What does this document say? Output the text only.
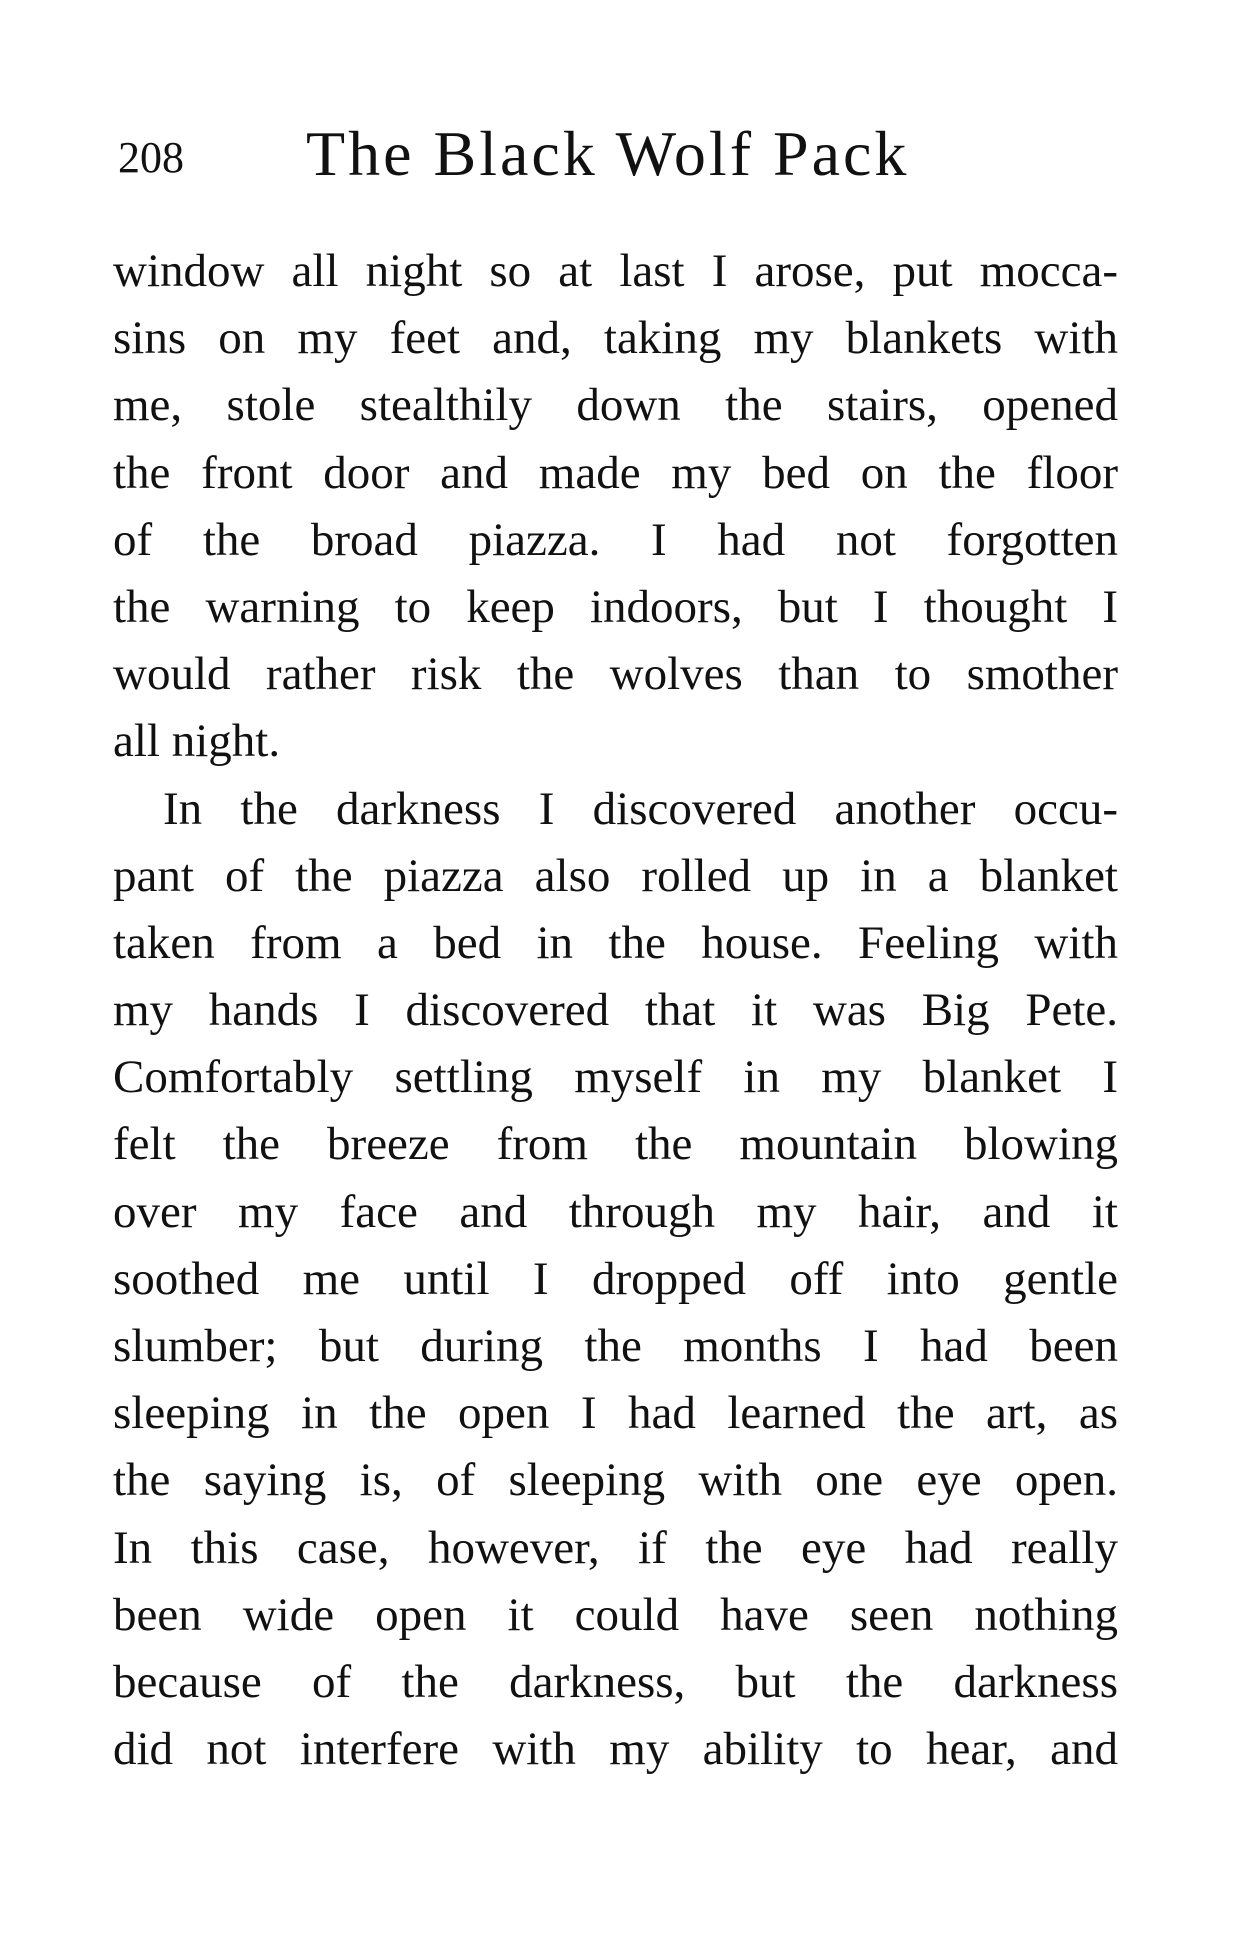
208 The Black Wolf Pack
window all night so at last I arose, put mocca-
sins on my feet and, taking my blankets with
me, stole stealthily down the stairs, opened
the front door and made my bed on the floor
of the broad piazza. I had not forgotten
the warning to keep indoors, but I thought I
would rather risk the wolves than to smother
all night.
In the darkness I discovered another occu-
pant of the piazza also rolled up in a blanket
taken from a bed in the house. Feeling with
my hands I discovered that it was Big Pete.
Comfortably settling myself in my blanket I
felt the breeze from the mountain blowing
over my face and through my hair, and it
soothed me until I dropped off into gentle
slumber; but during the months I had been
sleeping in the open I had learned the art, as
the saying is, of sleeping with one eye open.
In this case, however, if the eye had really
been wide open it could have seen nothing
because of the darkness, but the darkness
did not interfere with my ability to hear, and
